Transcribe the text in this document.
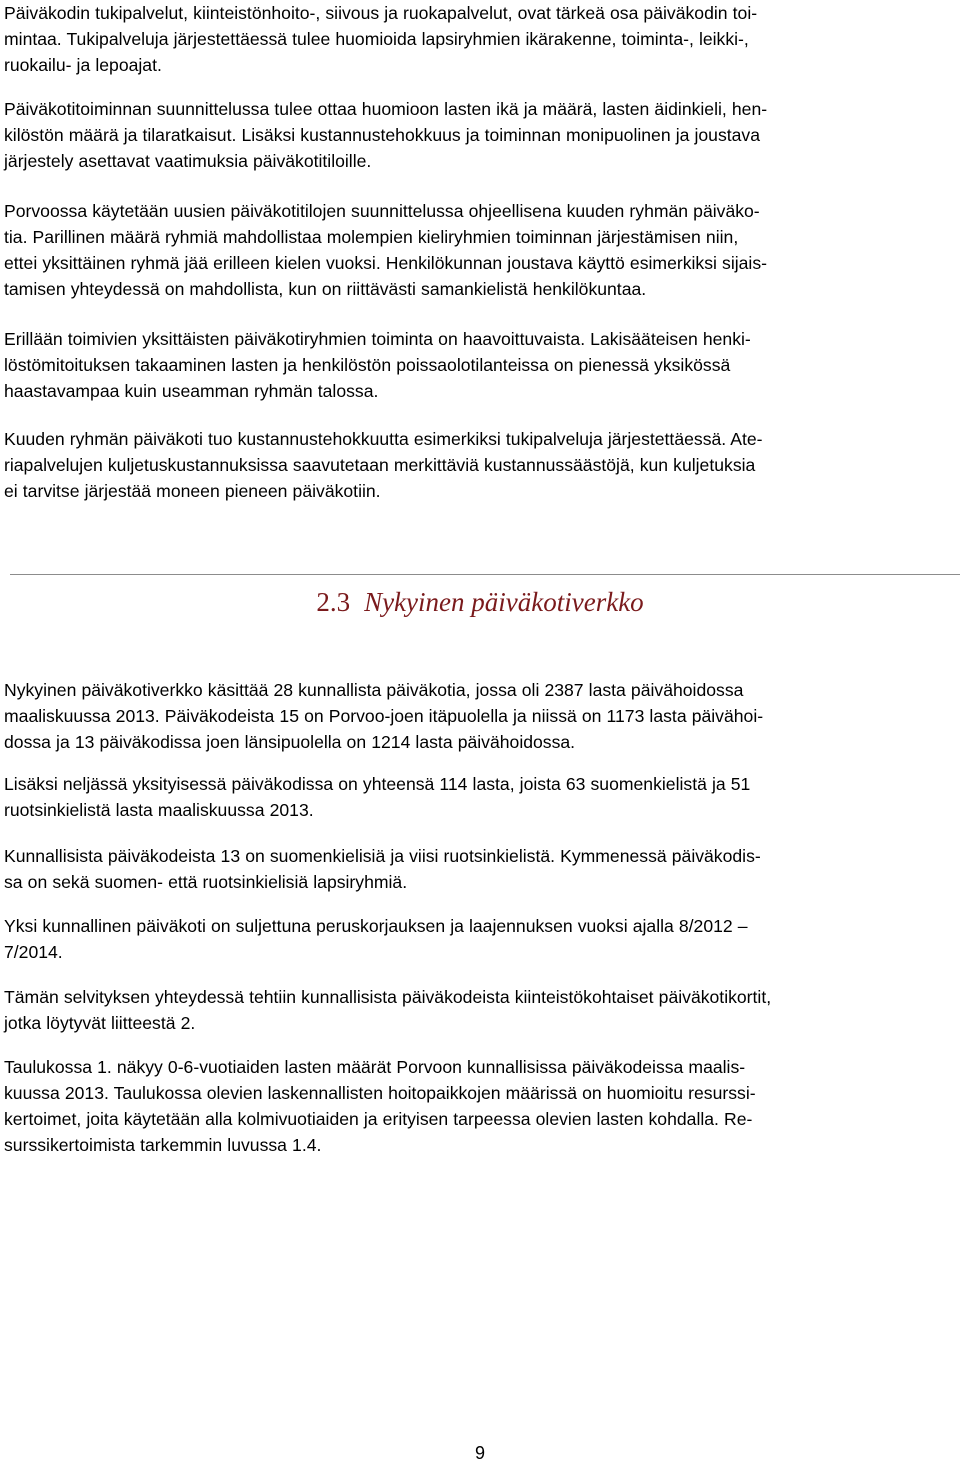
Päiväkodin tukipalvelut, kiinteistönhoito-, siivous ja ruokapalvelut, ovat tärkeä osa päiväkodin toi-
mintaa. Tukipalveluja järjestettäessä tulee huomioida lapsiryhmien ikärakenne, toiminta-, leikki-,
ruokailu- ja lepoajat.

Päiväkotitoiminnan suunnittelussa tulee ottaa huomioon lasten ikä ja määrä, lasten äidinkieli, hen-
kilöstön määrä ja tilaratkaisut. Lisäksi kustannustehokkuus ja toiminnan monipuolinen ja joustava
järjestely asettavat vaatimuksia päiväkotitiloille.

Porvoossa käytetään uusien päiväkotitilojen suunnittelussa ohjeellisena kuuden ryhmän päiväko-
tia. Parillinen määrä ryhmiä mahdollistaa molempien kieliryhmien toiminnan järjestämisen niin,
ettei yksittäinen ryhmä jää erilleen kielen vuoksi. Henkilökunnan joustava käyttö esimerkiksi sijais-
tamisen yhteydessä on mahdollista, kun on riittävästi samankielistä henkilökuntaa.

Erillään toimivien yksittäisten päiväkotiryhmien toiminta on haavoittuvaista. Lakisääteisen henki-
löstömitoituksen takaaminen lasten ja henkilöstön poissaolotilanteissa on pienessä yksikössä
haastavampaa kuin useamman ryhmän talossa.

Kuuden ryhmän päiväkoti tuo kustannustehokkuutta esimerkiksi tukipalveluja järjestettäessä. Ate-
riapalvelujen kuljetuskustannuksissa saavutetaan merkittäviä kustannussäästöjä, kun kuljetuksia
ei tarvitse järjestää moneen pieneen päiväkotiin.

Nykyinen päiväkotiverkko käsittää 28 kunnallista päiväkotia, jossa oli 2387 lasta päivähoidossa
maaliskuussa 2013. Päiväkodeista 15 on Porvoo-joen itäpuolella ja niissä on 1173 lasta päivähoi-
dossa ja 13 päiväkodissa joen länsipuolella on 1214 lasta päivähoidossa.

Lisäksi neljässä yksityisessä päiväkodissa on yhteensä 114 lasta, joista 63 suomenkielistä ja 51
ruotsinkielistä lasta maaliskuussa 2013.

Kunnallisista päiväkodeista 13 on suomenkielisiä ja viisi ruotsinkielistä. Kymmenessä päiväkodis-
sa on sekä suomen- että ruotsinkielisiä lapsiryhmiä.

Yksi kunnallinen päiväkoti on suljettuna peruskorjauksen ja laajennuksen vuoksi ajalla 8/2012 –
7/2014.

Tämän selvityksen yhteydessä tehtiin kunnallisista päiväkodeista kiinteistökohtaiset päiväkotikortit,
jotka löytyvät liitteestä 2.

Taulukossa 1. näkyy 0-6-vuotiaiden lasten määrät Porvoon kunnallisissa päiväkodeissa maalis-
kuussa 2013. Taulukossa olevien laskennallisten hoitopaikkojen määrissä on huomioitu resurssi-
kertoimet, joita käytetään alla kolmivuotiaiden ja erityisen tarpeessa olevien lasten kohdalla. Re-
surssikertoimista tarkemmin luvussa 1.4.

2.3 Nykyinen päiväkotiverkko
9
